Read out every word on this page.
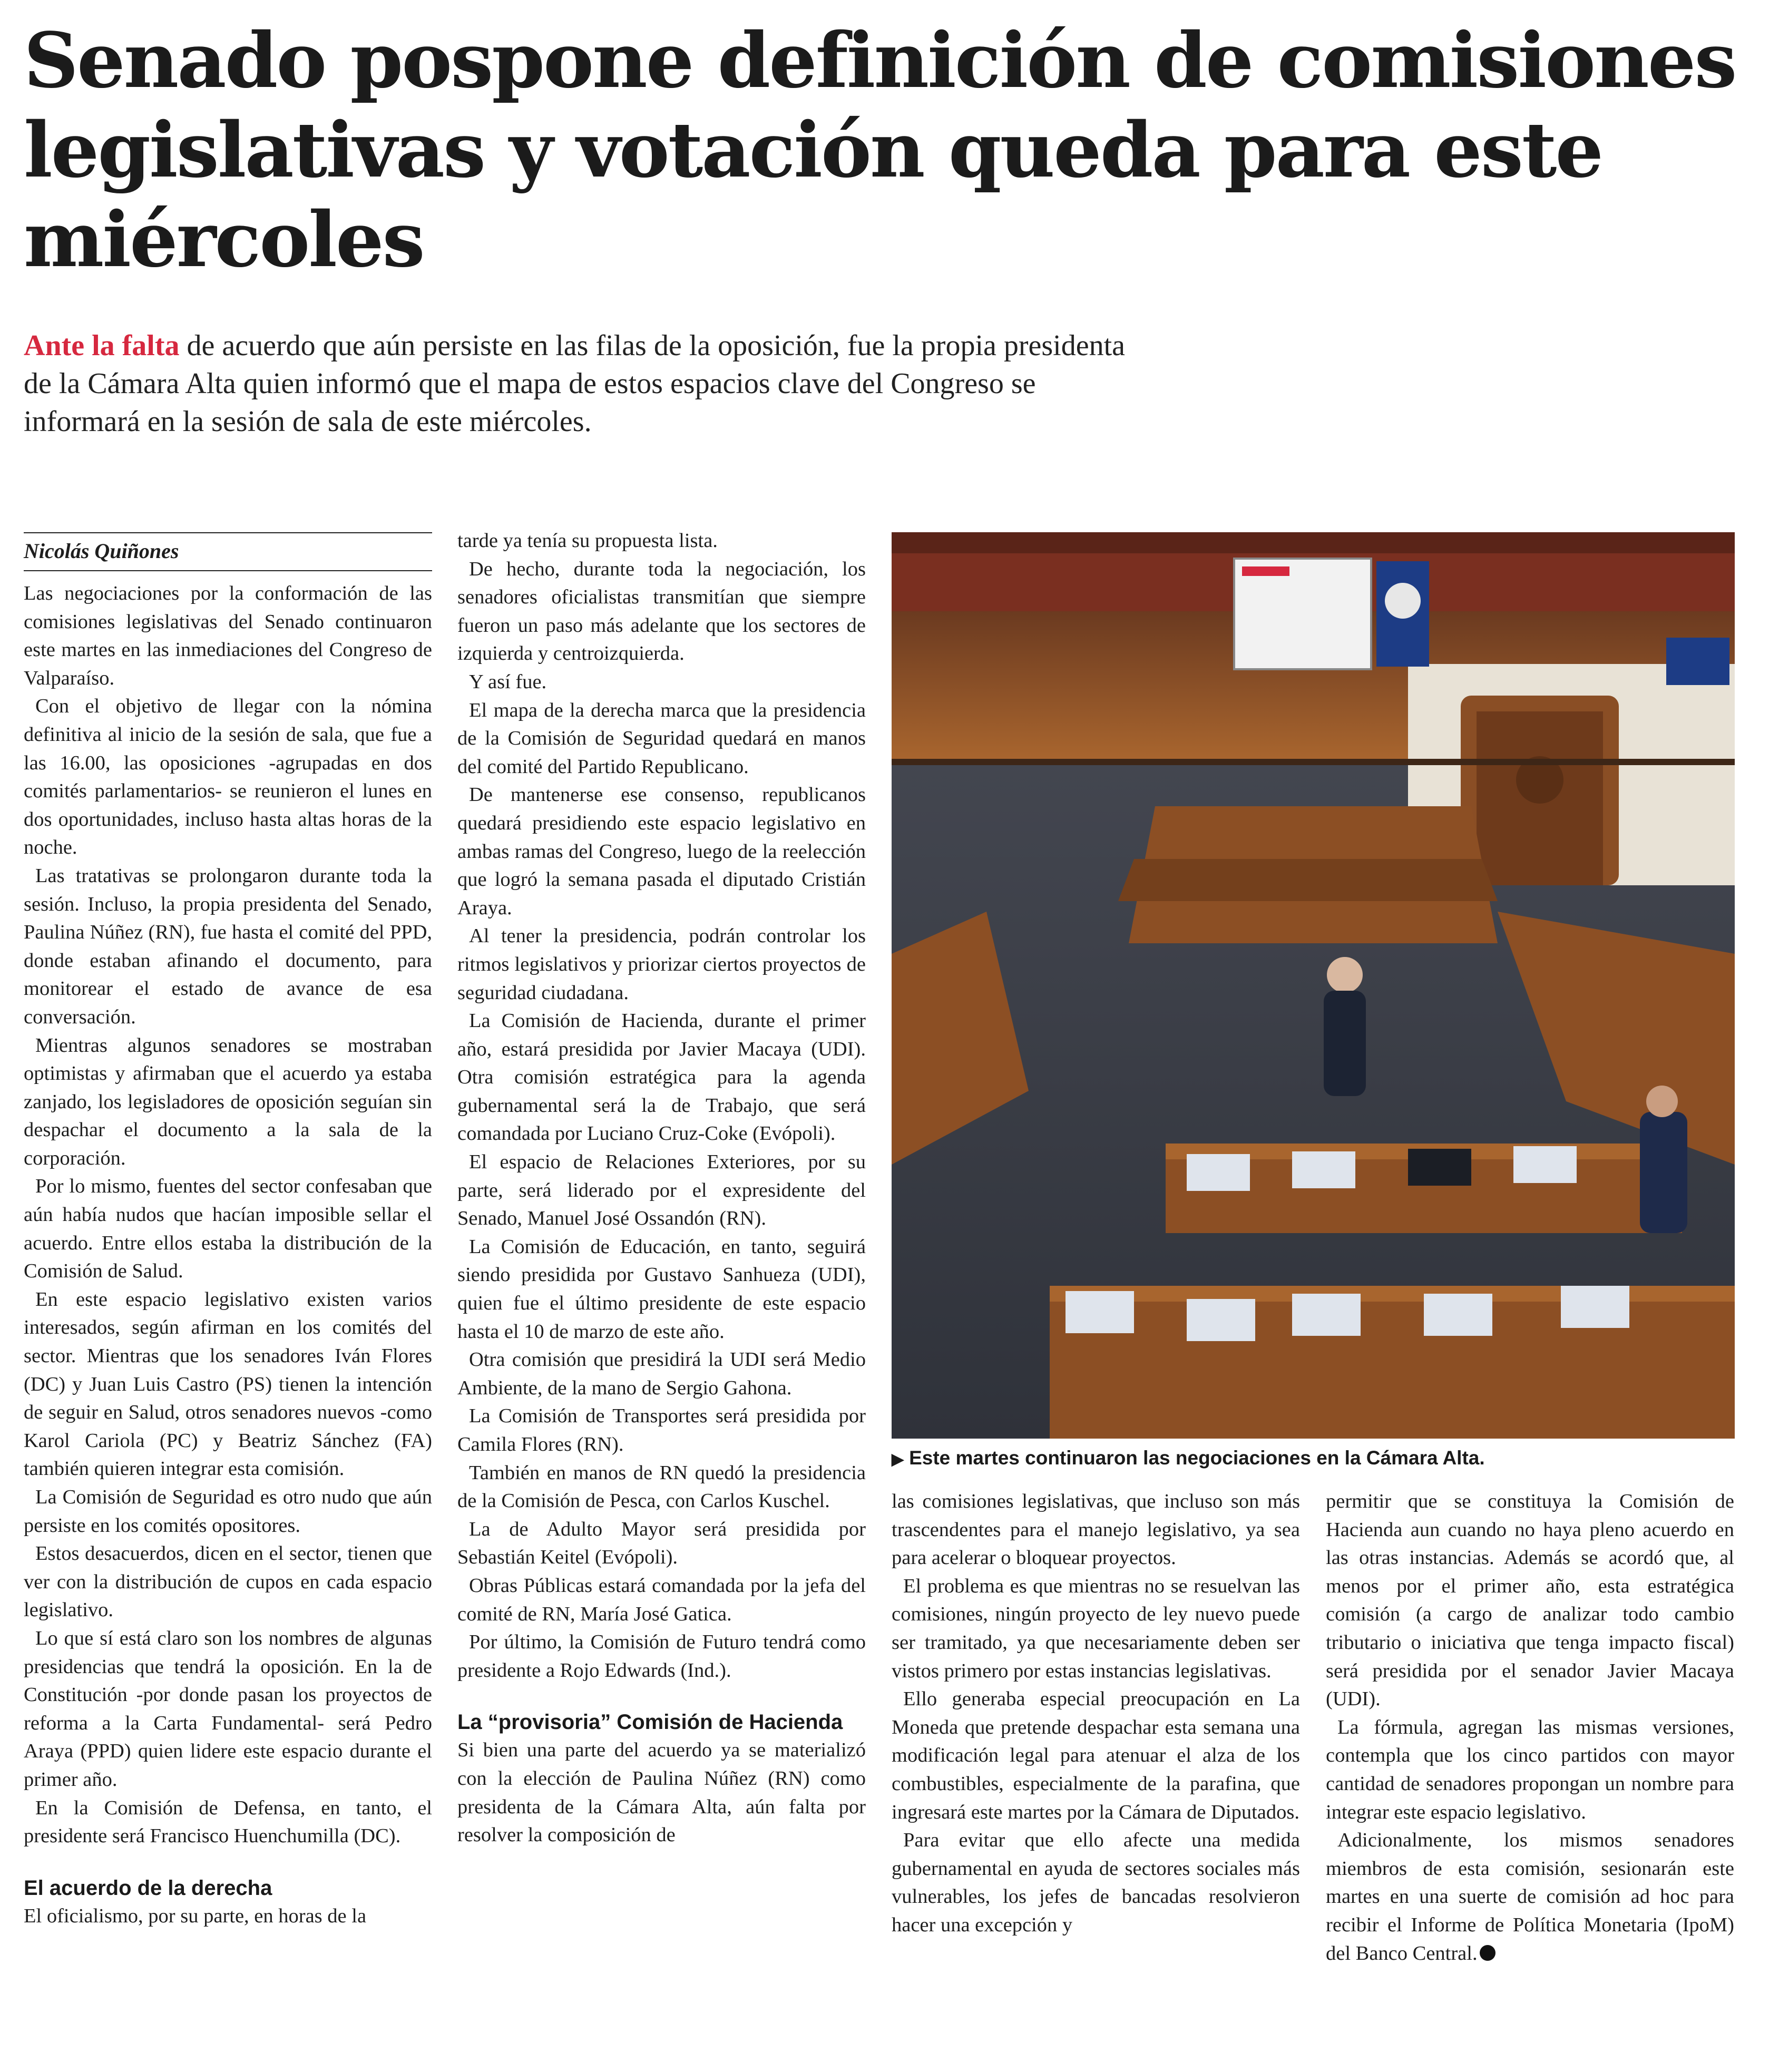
Senado pospone definición de comisiones legislativas y votación queda para este miércoles

Ante la falta de acuerdo que aún persiste en las filas de la oposición, fue la propia presidenta de la Cámara Alta quien informó que el mapa de estos espacios clave del Congreso se informará en la sesión de sala de este miércoles.

Nicolás Quiñones

Las negociaciones por la conformación de las comisiones legislativas del Senado continuaron este martes en las inmediaciones del Congreso de Valparaíso.

Con el objetivo de llegar con la nómina definitiva al inicio de la sesión de sala, que fue a las 16.00, las oposiciones -agrupadas en dos comités parlamentarios- se reunieron el lunes en dos oportunidades, incluso hasta altas horas de la noche.

Las tratativas se prolongaron durante toda la sesión. Incluso, la propia presidenta del Senado, Paulina Núñez (RN), fue hasta el comité del PPD, donde estaban afinando el documento, para monitorear el estado de avance de esa conversación.

Mientras algunos senadores se mostraban optimistas y afirmaban que el acuerdo ya estaba zanjado, los legisladores de oposición seguían sin despachar el documento a la sala de la corporación.

Por lo mismo, fuentes del sector confesaban que aún había nudos que hacían imposible sellar el acuerdo. Entre ellos estaba la distribución de la Comisión de Salud.

En este espacio legislativo existen varios interesados, según afirman en los comités del sector. Mientras que los senadores Iván Flores (DC) y Juan Luis Castro (PS) tienen la intención de seguir en Salud, otros senadores nuevos -como Karol Cariola (PC) y Beatriz Sánchez (FA) también quieren integrar esta comisión.

La Comisión de Seguridad es otro nudo que aún persiste en los comités opositores.

Estos desacuerdos, dicen en el sector, tienen que ver con la distribución de cupos en cada espacio legislativo.

Lo que sí está claro son los nombres de algunas presidencias que tendrá la oposición. En la de Constitución -por donde pasan los proyectos de reforma a la Carta Fundamental- será Pedro Araya (PPD) quien lidere este espacio durante el primer año.

En la Comisión de Defensa, en tanto, el presidente será Francisco Huenchumilla (DC).

El acuerdo de la derecha

El oficialismo, por su parte, en horas de la

tarde ya tenía su propuesta lista.

De hecho, durante toda la negociación, los senadores oficialistas transmitían que siempre fueron un paso más adelante que los sectores de izquierda y centroizquierda.

Y así fue.

El mapa de la derecha marca que la presidencia de la Comisión de Seguridad quedará en manos del comité del Partido Republicano.

De mantenerse ese consenso, republicanos quedará presidiendo este espacio legislativo en ambas ramas del Congreso, luego de la reelección que logró la semana pasada el diputado Cristián Araya.

Al tener la presidencia, podrán controlar los ritmos legislativos y priorizar ciertos proyectos de seguridad ciudadana.

La Comisión de Hacienda, durante el primer año, estará presidida por Javier Macaya (UDI). Otra comisión estratégica para la agenda gubernamental será la de Trabajo, que será comandada por Luciano Cruz-Coke (Evópoli).

El espacio de Relaciones Exteriores, por su parte, será liderado por el expresidente del Senado, Manuel José Ossandón (RN).

La Comisión de Educación, en tanto, seguirá siendo presidida por Gustavo Sanhueza (UDI), quien fue el último presidente de este espacio hasta el 10 de marzo de este año.

Otra comisión que presidirá la UDI será Medio Ambiente, de la mano de Sergio Gahona.

La Comisión de Transportes será presidida por Camila Flores (RN).

También en manos de RN quedó la presidencia de la Comisión de Pesca, con Carlos Kuschel.

La de Adulto Mayor será presidida por Sebastián Keitel (Evópoli).

Obras Públicas estará comandada por la jefa del comité de RN, María José Gatica.

Por último, la Comisión de Futuro tendrá como presidente a Rojo Edwards (Ind.).

La “provisoria” Comisión de Hacienda

Si bien una parte del acuerdo ya se materializó con la elección de Paulina Núñez (RN) como presidenta de la Cámara Alta, aún falta por resolver la composición de

▶ Este martes continuaron las negociaciones en la Cámara Alta.

las comisiones legislativas, que incluso son más trascendentes para el manejo legislativo, ya sea para acelerar o bloquear proyectos.

El problema es que mientras no se resuelvan las comisiones, ningún proyecto de ley nuevo puede ser tramitado, ya que necesariamente deben ser vistos primero por estas instancias legislativas.

Ello generaba especial preocupación en La Moneda que pretende despachar esta semana una modificación legal para atenuar el alza de los combustibles, especialmente de la parafina, que ingresará este martes por la Cámara de Diputados.

Para evitar que ello afecte una medida gubernamental en ayuda de sectores sociales más vulnerables, los jefes de bancadas resolvieron hacer una excepción y

permitir que se constituya la Comisión de Hacienda aun cuando no haya pleno acuerdo en las otras instancias. Además se acordó que, al menos por el primer año, esta estratégica comisión (a cargo de analizar todo cambio tributario o iniciativa que tenga impacto fiscal) será presidida por el senador Javier Macaya (UDI).

La fórmula, agregan las mismas versiones, contempla que los cinco partidos con mayor cantidad de senadores propongan un nombre para integrar este espacio legislativo.

Adicionalmente, los mismos senadores miembros de esta comisión, sesionarán este martes en una suerte de comisión ad hoc para recibir el Informe de Política Monetaria (IpoM) del Banco Central.
